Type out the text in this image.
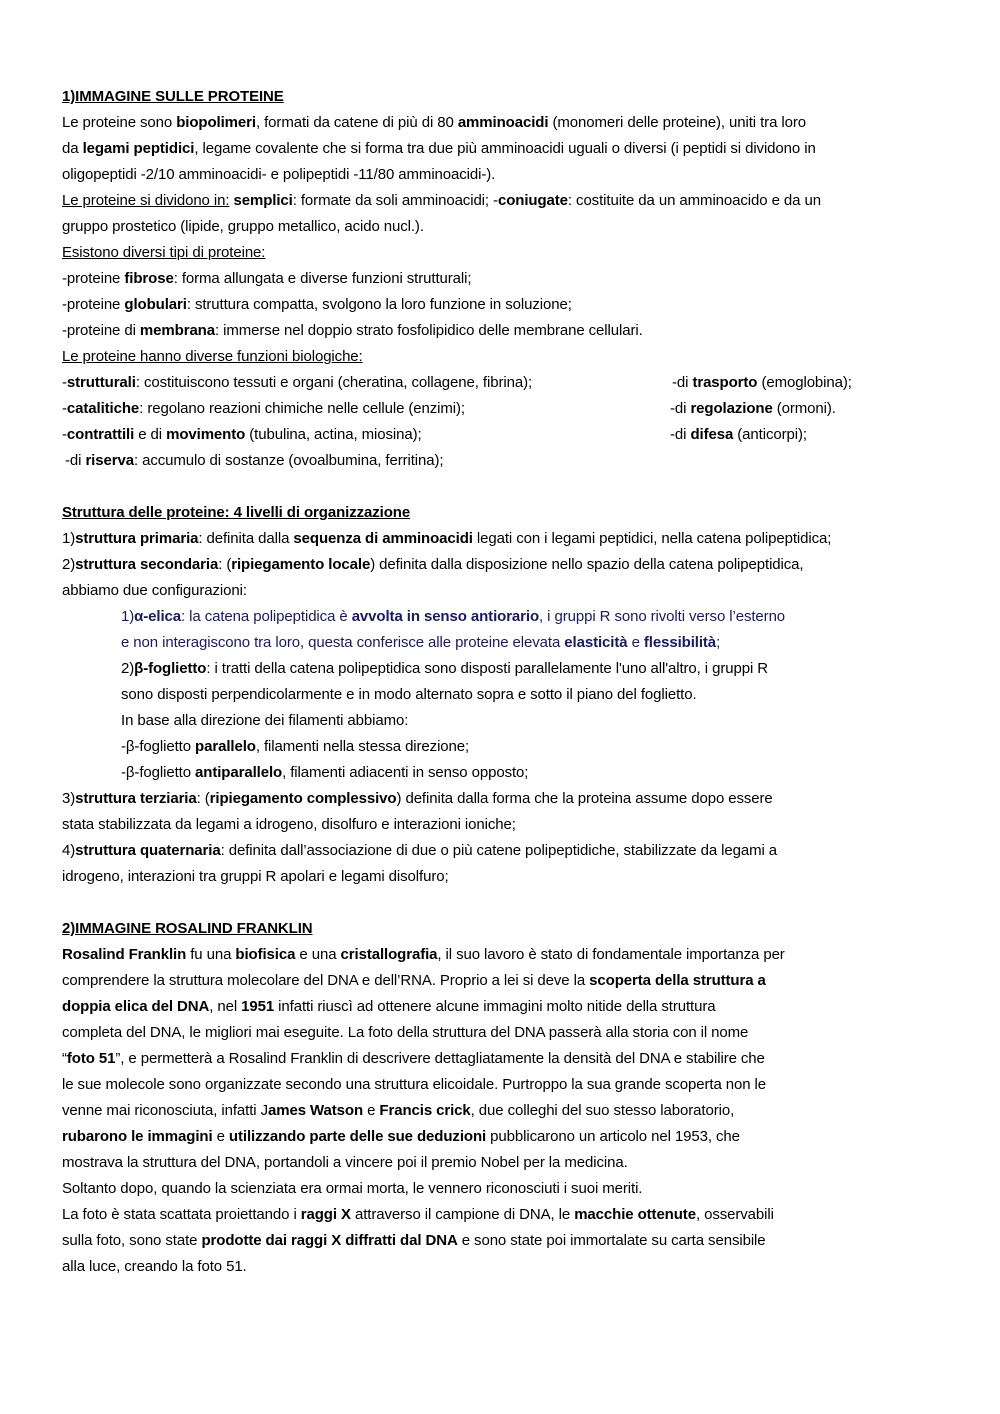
1)IMMAGINE SULLE PROTEINE
Le proteine sono biopolimeri, formati da catene di più di 80 amminoacidi (monomeri delle proteine), uniti tra loro
da legami peptidici, legame covalente che si forma tra due più amminoacidi uguali o diversi (i peptidi si dividono in
oligopeptidi -2/10 amminoacidi- e polipeptidi -11/80 amminoacidi-).
Le proteine si dividono in: semplici: formate da soli amminoacidi; -coniugate: costituite da un amminoacido e da un
gruppo prostetico (lipide, gruppo metallico, acido nucl.).
Esistono diversi tipi di proteine:
-proteine fibrose: forma allungata e diverse funzioni strutturali;
-proteine globulari: struttura compatta, svolgono la loro funzione in soluzione;
-proteine di membrana: immerse nel doppio strato fosfolipidico delle membrane cellulari.
Le proteine hanno diverse funzioni biologiche:
-strutturali: costituiscono tessuti e organi (cheratina, collagene, fibrina);	-di trasporto (emoglobina);
-catalitiche: regolano reazioni chimiche nelle cellule (enzimi);	-di regolazione (ormoni).
-contrattili e di movimento (tubulina, actina, miosina);	-di difesa (anticorpi);
-di riserva: accumulo di sostanze (ovoalbumina, ferritina);
Struttura delle proteine: 4 livelli di organizzazione
1)struttura primaria: definita dalla sequenza di amminoacidi legati con i legami peptidici, nella catena polipeptidica;
2)struttura secondaria: (ripiegamento locale) definita dalla disposizione nello spazio della catena polipeptidica,
abbiamo due configurazioni:
1)α-elica: la catena polipeptidica è avvolta in senso antiorario, i gruppi R sono rivolti verso l’esterno
e non interagiscono tra loro, questa conferisce alle proteine elevata elasticità e flessibilità;
2)β-foglietto: i tratti della catena polipeptidica sono disposti parallelamente l'uno all'altro, i gruppi R
sono disposti perpendicolarmente e in modo alternato sopra e sotto il piano del foglietto.
In base alla direzione dei filamenti abbiamo:
-β-foglietto parallelo, filamenti nella stessa direzione;
-β-foglietto antiparallelo, filamenti adiacenti in senso opposto;
3)struttura terziaria: (ripiegamento complessivo) definita dalla forma che la proteina assume dopo essere
stata stabilizzata da legami a idrogeno, disolfuro e interazioni ioniche;
4)struttura quaternaria: definita dall’associazione di due o più catene polipeptidiche, stabilizzate da legami a
idrogeno, interazioni tra gruppi R apolari e legami disolfuro;
2)IMMAGINE ROSALIND FRANKLIN
Rosalind Franklin fu una biofisica e una cristallografia, il suo lavoro è stato di fondamentale importanza per
comprendere la struttura molecolare del DNA e dell’RNA. Proprio a lei si deve la scoperta della struttura a
doppia elica del DNA, nel 1951 infatti riuscì ad ottenere alcune immagini molto nitide della struttura
completa del DNA, le migliori mai eseguite. La foto della struttura del DNA passerà alla storia con il nome
“foto 51”, e permetterà a Rosalind Franklin di descrivere dettagliatamente la densità del DNA e stabilire che
le sue molecole sono organizzate secondo una struttura elicoidale. Purtroppo la sua grande scoperta non le
venne mai riconosciuta, infatti James Watson e Francis crick, due colleghi del suo stesso laboratorio,
rubarono le immagini e utilizzando parte delle sue deduzioni pubblicarono un articolo nel 1953, che
mostrava la struttura del DNA, portandoli a vincere poi il premio Nobel per la medicina.
Soltanto dopo, quando la scienziata era ormai morta, le vennero riconosciuti i suoi meriti.
La foto è stata scattata proiettando i raggi X attraverso il campione di DNA, le macchie ottenute, osservabili
sulla foto, sono state prodotte dai raggi X diffratti dal DNA e sono state poi immortalate su carta sensibile
alla luce, creando la foto 51.
